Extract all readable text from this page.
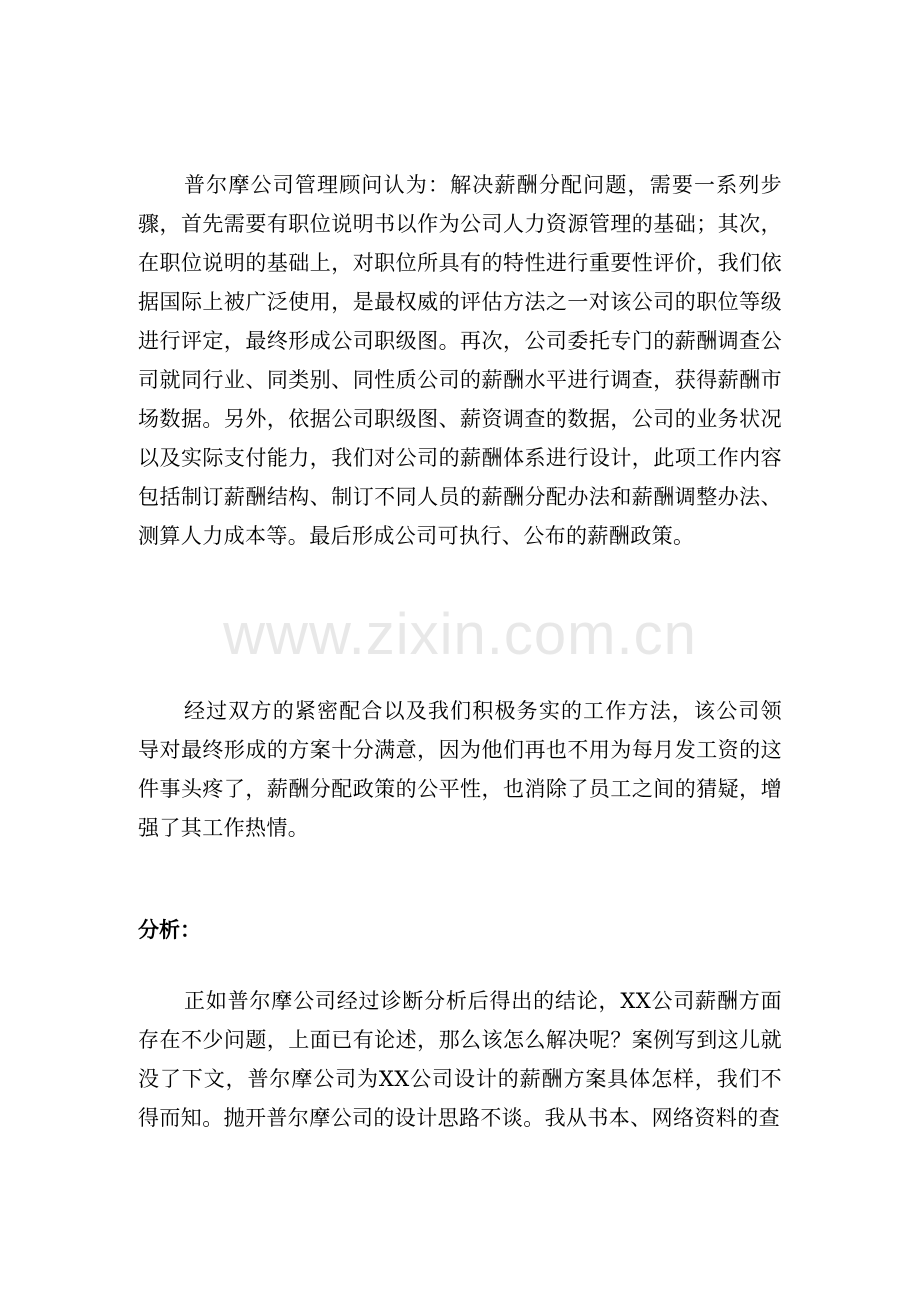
普尔摩公司管理顾问认为：解决薪酬分配问题，需要一系列步骤，首先需要有职位说明书以作为公司人力资源管理的基础；其次，在职位说明的基础上，对职位所具有的特性进行重要性评价，我们依据国际上被广泛使用，是最权威的评估方法之一对该公司的职位等级进行评定，最终形成公司职级图。再次，公司委托专门的薪酬调查公司就同行业、同类别、同性质公司的薪酬水平进行调查，获得薪酬市场数据。另外，依据公司职级图、薪资调查的数据，公司的业务状况以及实际支付能力，我们对公司的薪酬体系进行设计，此项工作内容包括制订薪酬结构、制订不同人员的薪酬分配办法和薪酬调整办法、测算人力成本等。最后形成公司可执行、公布的薪酬政策。

www.zixin.com.cn

经过双方的紧密配合以及我们积极务实的工作方法，该公司领导对最终形成的方案十分满意，因为他们再也不用为每月发工资的这件事头疼了，薪酬分配政策的公平性，也消除了员工之间的猜疑，增强了其工作热情。

分析：

正如普尔摩公司经过诊断分析后得出的结论，XX公司薪酬方面存在不少问题，上面已有论述，那么该怎么解决呢？案例写到这儿就没了下文，普尔摩公司为XX公司设计的薪酬方案具体怎样，我们不得而知。抛开普尔摩公司的设计思路不谈。我从书本、网络资料的查
